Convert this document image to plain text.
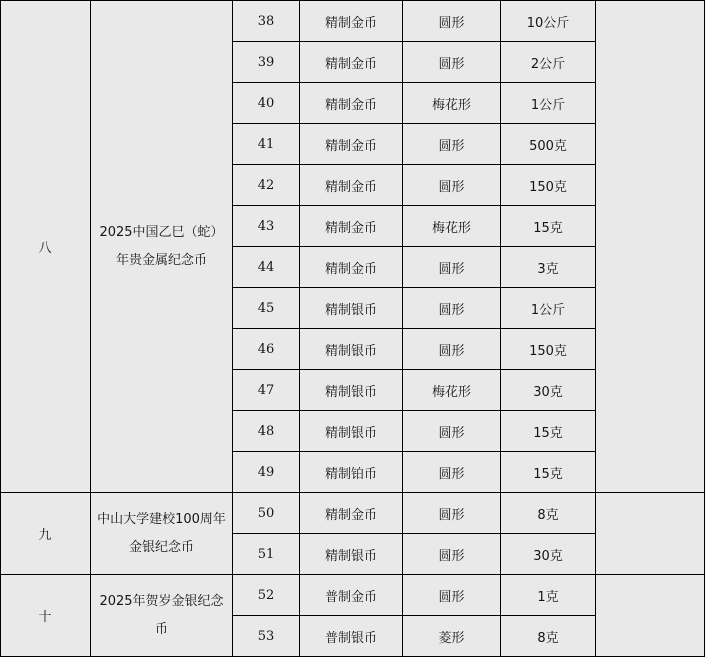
八	2025中国乙巳（蛇）年贵金属纪念币	38	精制金币	圆形	10公斤	
		39	精制金币	圆形	2公斤	
		40	精制金币	梅花形	1公斤	
		41	精制金币	圆形	500克	
		42	精制金币	圆形	150克	
		43	精制金币	梅花形	15克	
		44	精制金币	圆形	3克	
		45	精制银币	圆形	1公斤	
		46	精制银币	圆形	150克	
		47	精制银币	梅花形	30克	
		48	精制银币	圆形	15克	
		49	精制铂币	圆形	15克	
九	中山大学建校100周年金银纪念币	50	精制金币	圆形	8克	
		51	精制银币	圆形	30克	
十	2025年贺岁金银纪念币	52	普制金币	圆形	1克	
		53	普制银币	菱形	8克	
